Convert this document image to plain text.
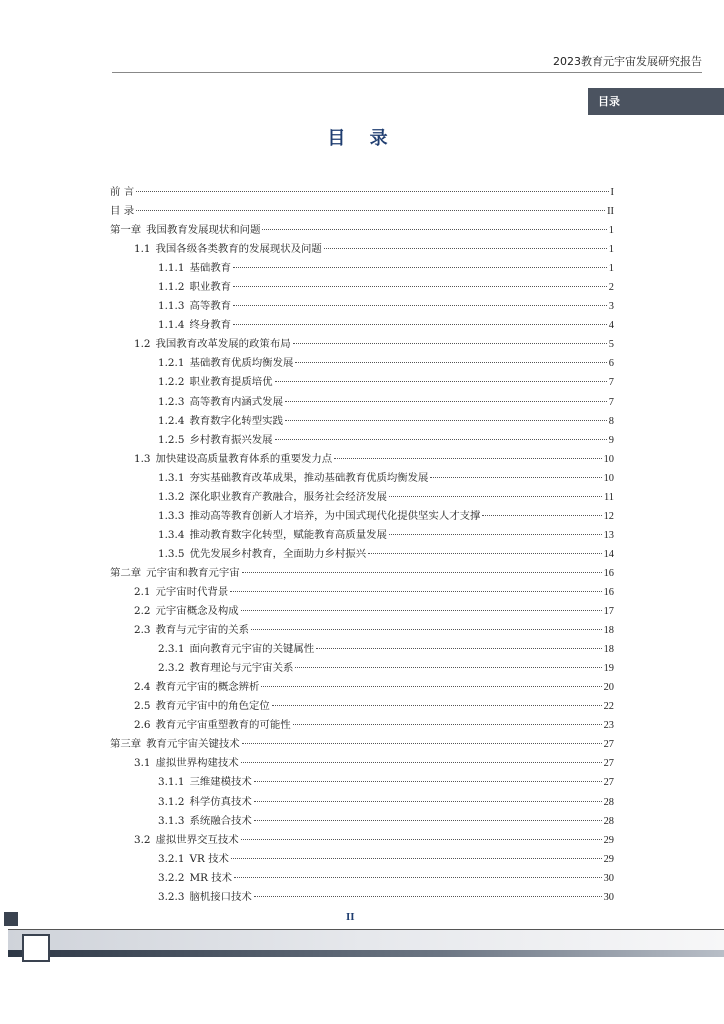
2023教育元宇宙发展研究报告
目录
目 录
前 言	I
目 录	II
第一章 我国教育发展现状和问题	1
1.1 我国各级各类教育的发展现状及问题	1
1.1.1 基础教育	1
1.1.2 职业教育	2
1.1.3 高等教育	3
1.1.4 终身教育	4
1.2 我国教育改革发展的政策布局	5
1.2.1 基础教育优质均衡发展	6
1.2.2 职业教育提质培优	7
1.2.3 高等教育内涵式发展	7
1.2.4 教育数字化转型实践	8
1.2.5 乡村教育振兴发展	9
1.3 加快建设高质量教育体系的重要发力点	10
1.3.1 夯实基础教育改革成果，推动基础教育优质均衡发展	10
1.3.2 深化职业教育产教融合，服务社会经济发展	11
1.3.3 推动高等教育创新人才培养，为中国式现代化提供坚实人才支撑	12
1.3.4 推动教育数字化转型，赋能教育高质量发展	13
1.3.5 优先发展乡村教育，全面助力乡村振兴	14
第二章 元宇宙和教育元宇宙	16
2.1 元宇宙时代背景	16
2.2 元宇宙概念及构成	17
2.3 教育与元宇宙的关系	18
2.3.1 面向教育元宇宙的关键属性	18
2.3.2 教育理论与元宇宙关系	19
2.4 教育元宇宙的概念辨析	20
2.5 教育元宇宙中的角色定位	22
2.6 教育元宇宙重塑教育的可能性	23
第三章 教育元宇宙关键技术	27
3.1 虚拟世界构建技术	27
3.1.1 三维建模技术	27
3.1.2 科学仿真技术	28
3.1.3 系统融合技术	28
3.2 虚拟世界交互技术	29
3.2.1 VR 技术	29
3.2.2 MR 技术	30
3.2.3 脑机接口技术	30
II
